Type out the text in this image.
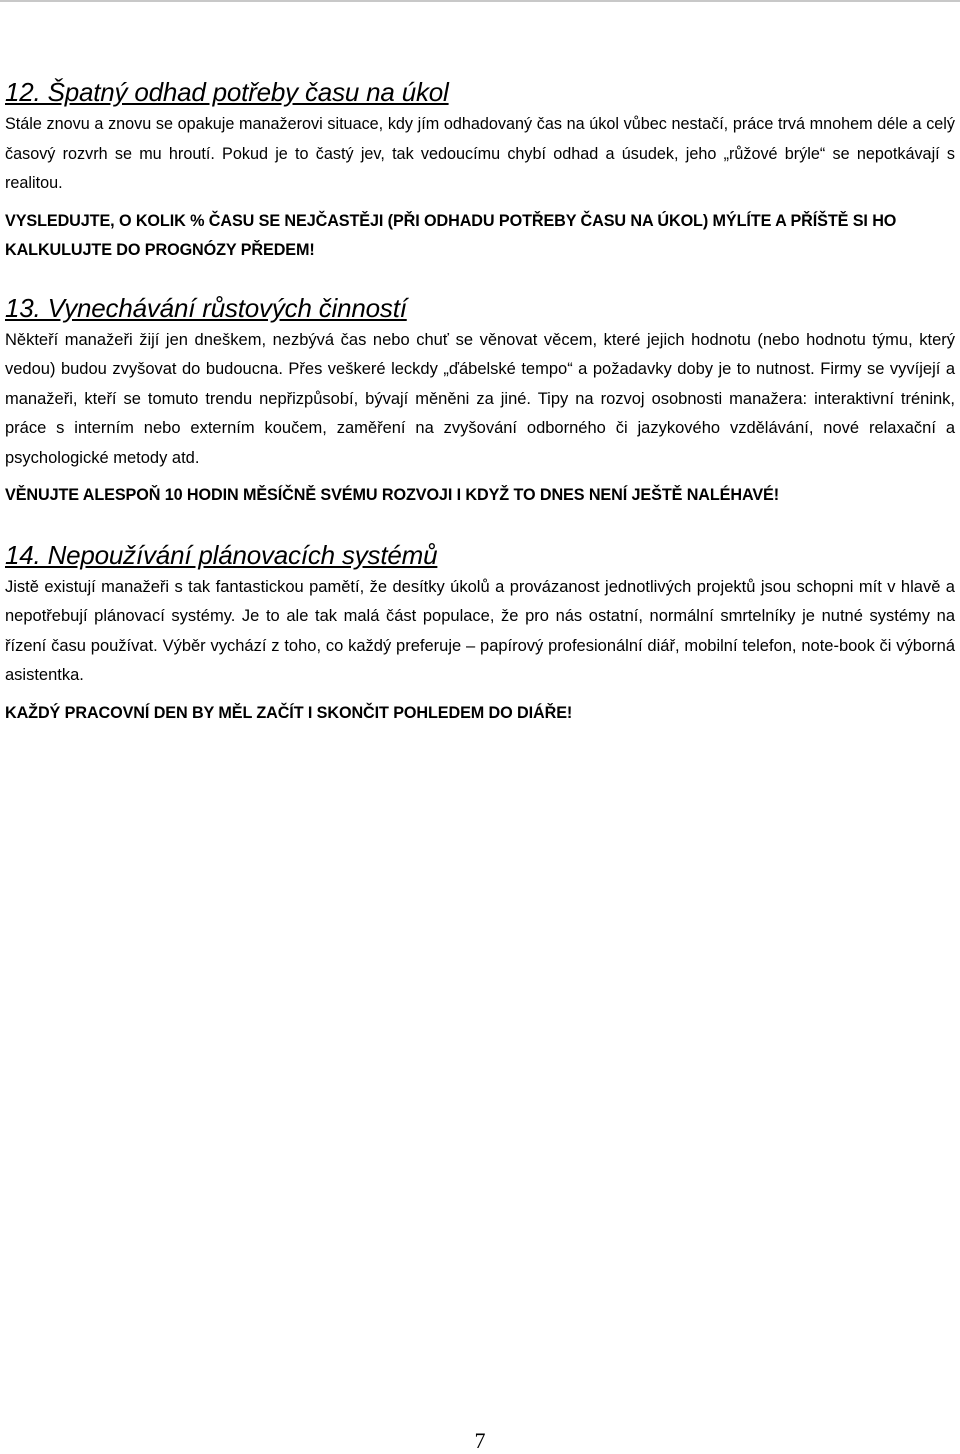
12. Špatný odhad potřeby času na úkol

Stále znovu a znovu se opakuje manažerovi situace, kdy jím odhadovaný čas na úkol vůbec nestačí, práce trvá mnohem déle a celý časový rozvrh se mu hroutí. Pokud je to častý jev, tak vedoucímu chybí odhad a úsudek, jeho „růžové brýle“ se nepotkávají s realitou.

VYSLEDUJTE, O KOLIK % ČASU SE NEJČASTĚJI (PŘI ODHADU POTŘEBY ČASU NA ÚKOL) MÝLÍTE A PŘÍŠTĚ SI HO KALKULUJTE DO PROGNÓZY PŘEDEM!

13. Vynechávání růstových činností

Někteří manažeři žijí jen dneškem, nezbývá čas nebo chuť se věnovat věcem, které jejich hodnotu (nebo hodnotu týmu, který vedou) budou zvyšovat do budoucna. Přes veškeré leckdy „ďábelské tempo“ a požadavky doby je to nutnost. Firmy se vyvíjejí a manažeři, kteří se tomuto trendu nepřizpůsobí, bývají měněni za jiné. Tipy na rozvoj osobnosti manažera: interaktivní trénink, práce s interním nebo externím koučem, zaměření na zvyšování odborného či jazykového vzdělávání, nové relaxační a psychologické metody atd.

VĚNUJTE ALESPOŇ 10 HODIN MĚSÍČNĚ SVÉMU ROZVOJI I KDYŽ TO DNES NENÍ JEŠTĚ NALÉHAVÉ!

14. Nepoužívání plánovacích systémů

Jistě existují manažeři s tak fantastickou pamětí, že desítky úkolů a provázanost jednotlivých projektů jsou schopni mít v hlavě a nepotřebují plánovací systémy. Je to ale tak malá část populace, že pro nás ostatní, normální smrtelníky je nutné systémy na řízení času používat. Výběr vychází z toho, co každý preferuje – papírový profesionální diář, mobilní telefon, note-book či výborná asistentka.

KAŽDÝ PRACOVNÍ DEN BY MĚL ZAČÍT I SKONČIT POHLEDEM DO DIÁŘE!

7
